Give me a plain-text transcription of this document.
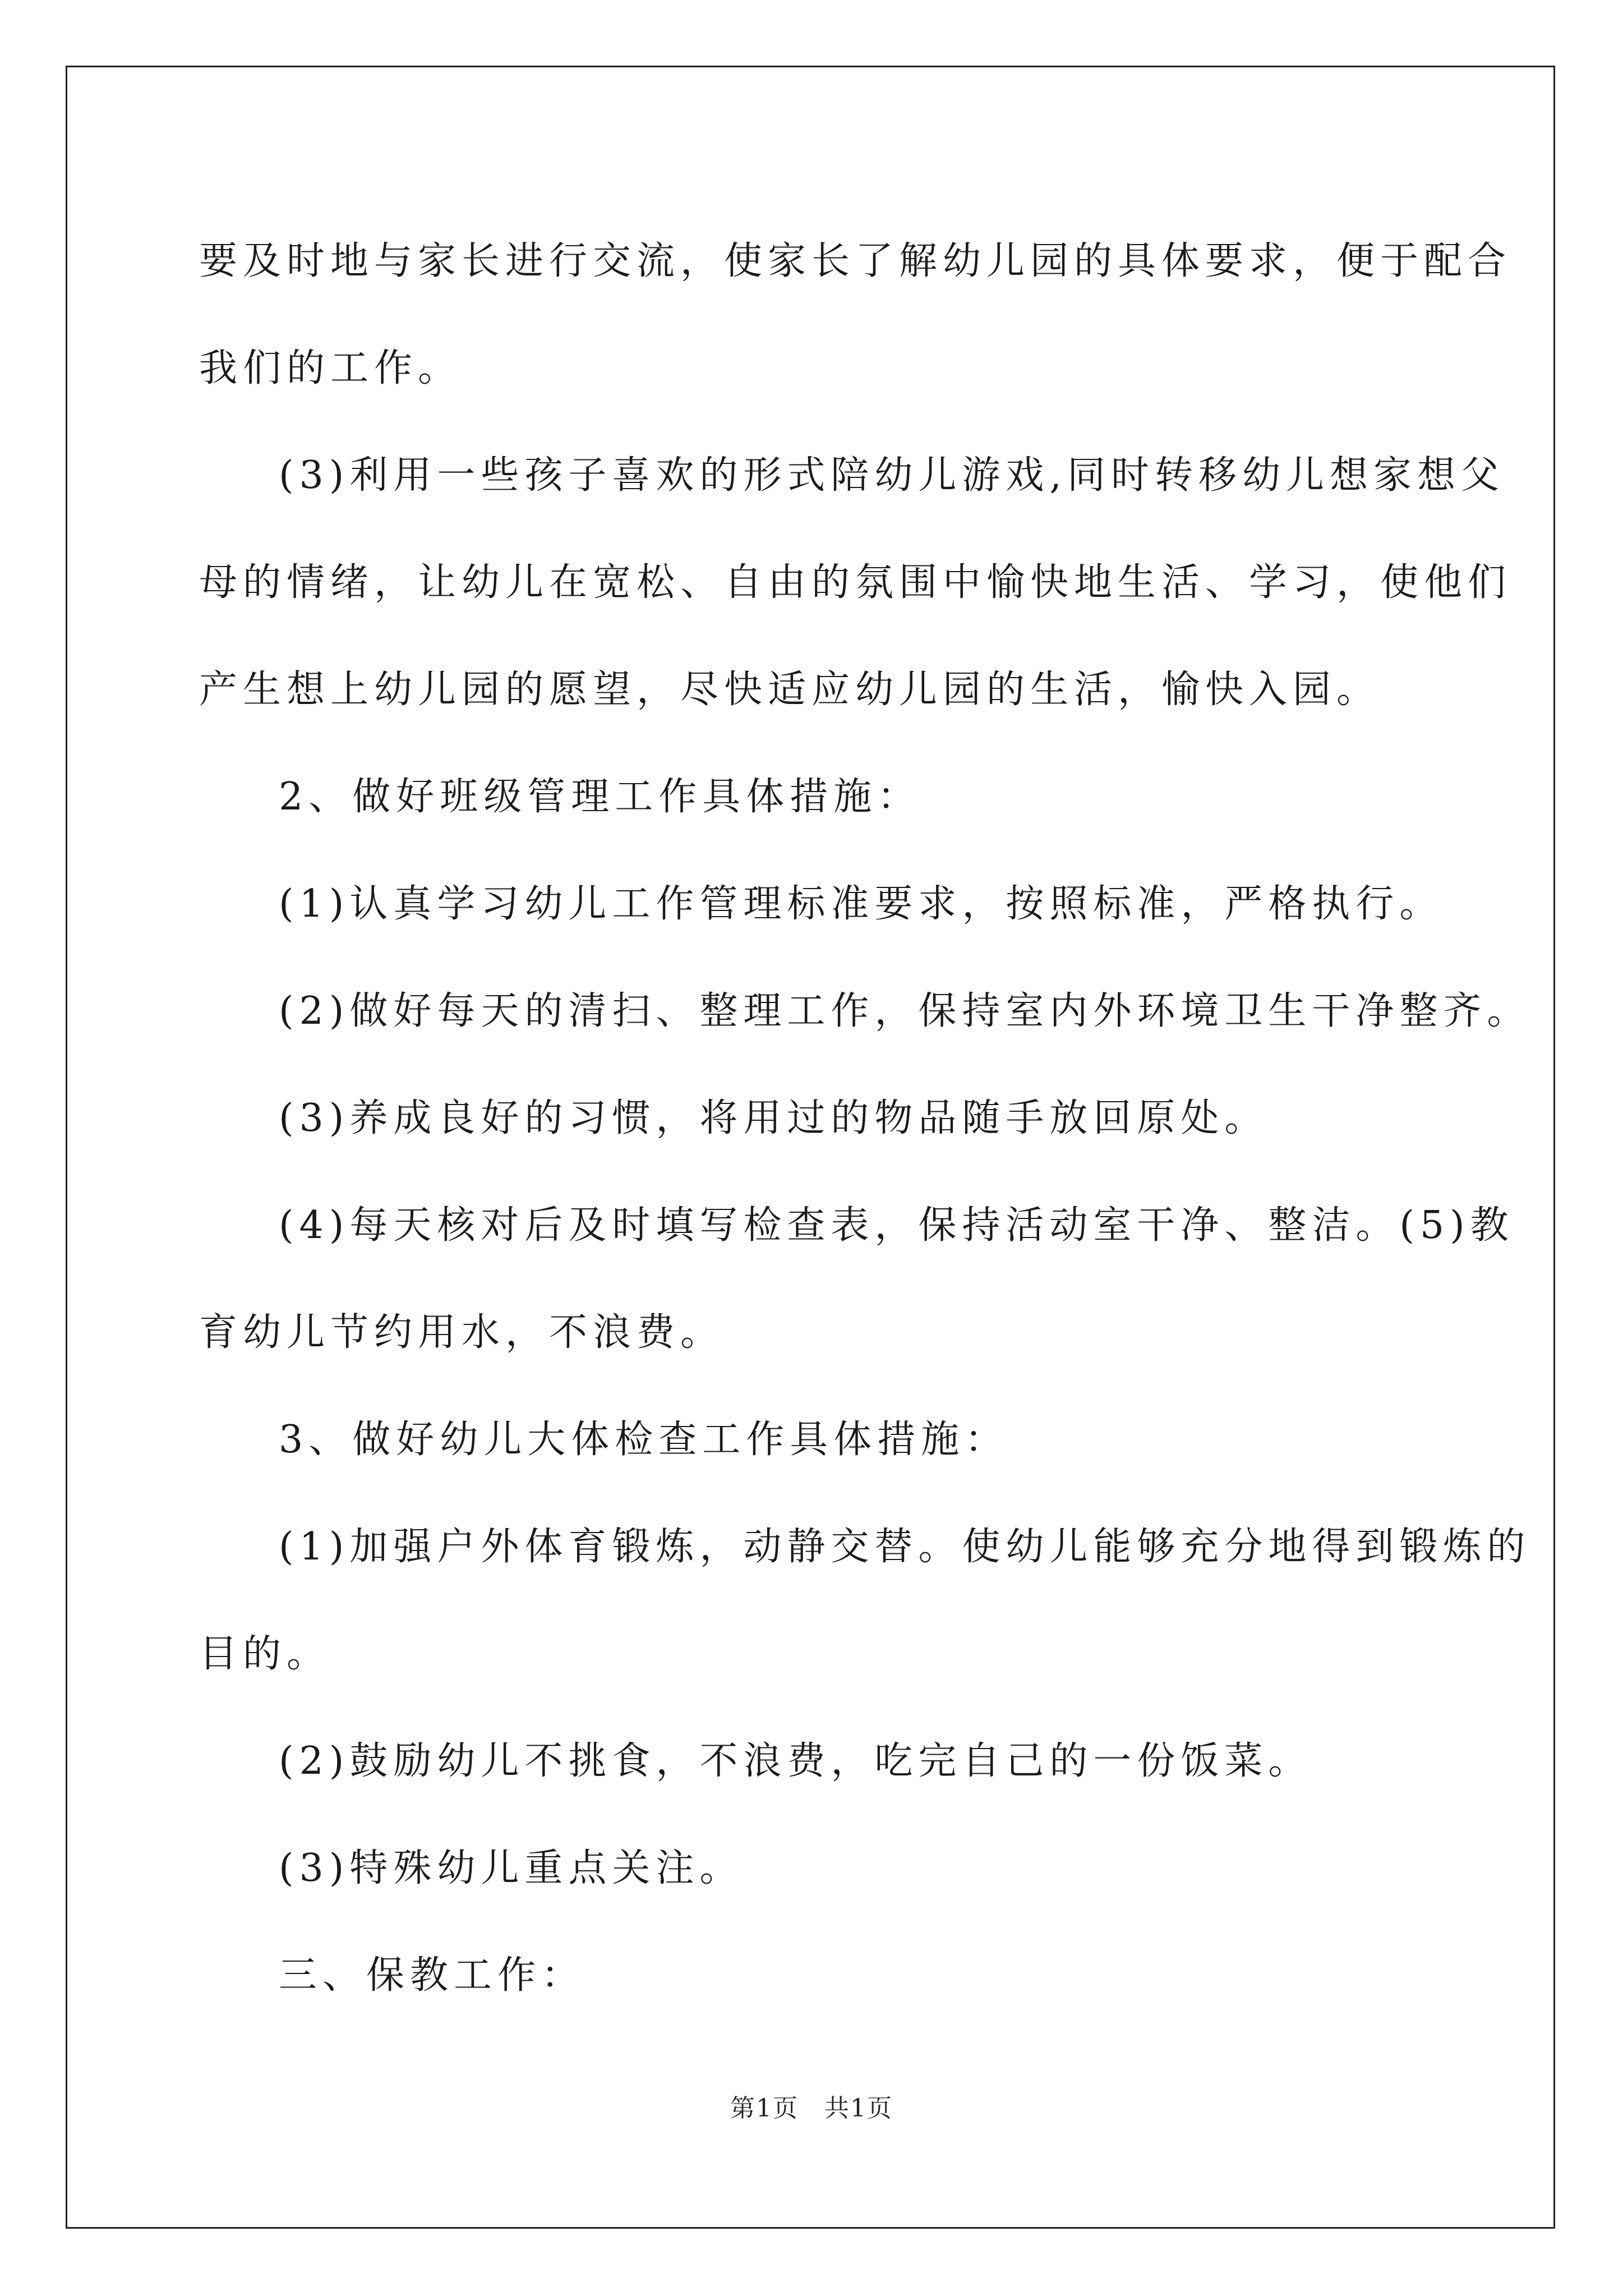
要及时地与家长进行交流，使家长了解幼儿园的具体要求，便于配合

我们的工作。

(3)利用一些孩子喜欢的形式陪幼儿游戏,同时转移幼儿想家想父

母的情绪，让幼儿在宽松、自由的氛围中愉快地生活、学习，使他们

产生想上幼儿园的愿望，尽快适应幼儿园的生活，愉快入园。

2、做好班级管理工作具体措施：

(1)认真学习幼儿工作管理标准要求，按照标准，严格执行。

(2)做好每天的清扫、整理工作，保持室内外环境卫生干净整齐。

(3)养成良好的习惯，将用过的物品随手放回原处。

(4)每天核对后及时填写检查表，保持活动室干净、整洁。(5)教

育幼儿节约用水，不浪费。

3、做好幼儿大体检查工作具体措施：

(1)加强户外体育锻炼，动静交替。使幼儿能够充分地得到锻炼的

目的。

(2)鼓励幼儿不挑食，不浪费，吃完自己的一份饭菜。

(3)特殊幼儿重点关注。

三、保教工作：

第1页　共1页
